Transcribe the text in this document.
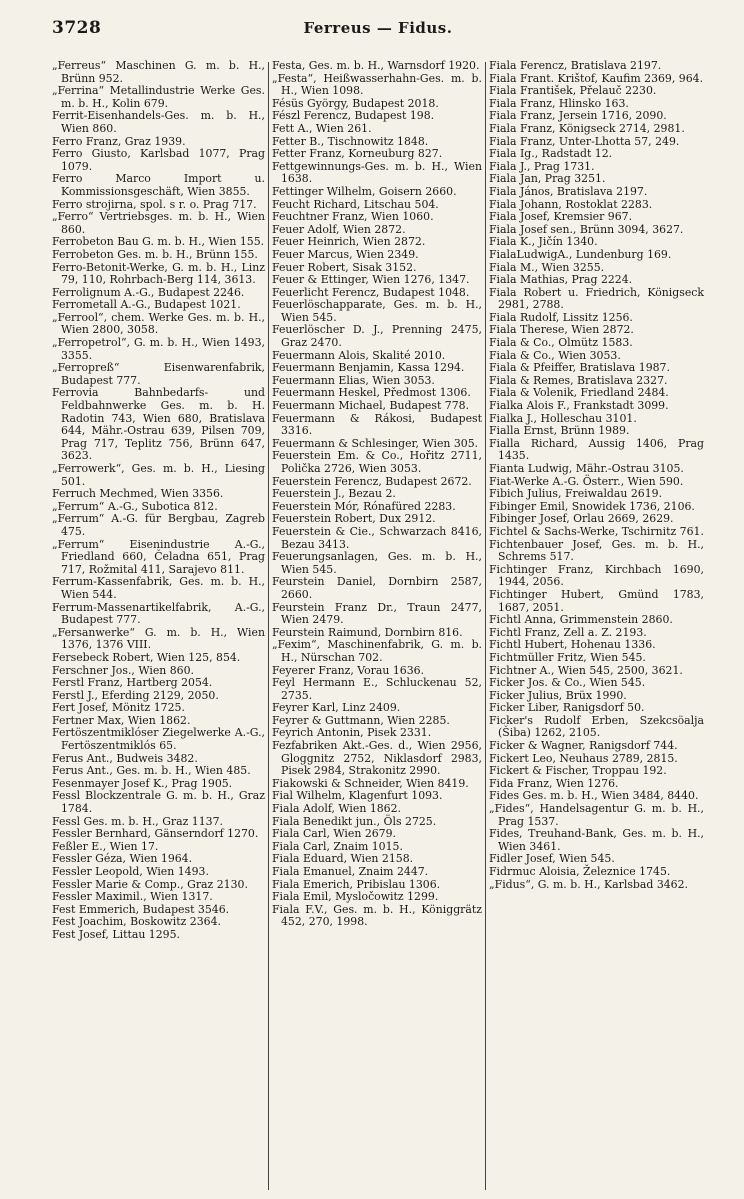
3728	Ferreus — Fidus.

„Ferreus“ Maschinen G. m. b. H., Brünn 952.

„Ferrina“ Metallindustrie Werke Ges. m. b. H., Kolin 679.

Ferrit-Eisenhandels-Ges. m. b. H., Wien 860.

Ferro Franz, Graz 1939.

Ferro Giusto, Karlsbad 1077, Prag 1079.

Ferro Marco Import u. Kommissionsgeschäft, Wien 3855.

Ferro strojirna, spol. s r. o. Prag 717.

„Ferro“ Vertriebsges. m. b. H., Wien 860.

Ferrobeton Bau G. m. b. H., Wien 155.

Ferrobeton Ges. m. b. H., Brünn 155.

Ferro-Betonit-Werke, G. m. b. H., Linz 79, 110, Rohrbach-Berg 114, 3613.

Ferrolignum A.-G., Budapest 2246.

Ferrometall A.-G., Budapest 1021.

„Ferrool“, chem. Werke Ges. m. b. H., Wien 2800, 3058.

„Ferropetrol“, G. m. b. H., Wien 1493, 3355.

„Ferropreß“ Eisenwarenfabrik, Budapest 777.

Ferrovia Bahnbedarfs- und Feldbahnwerke Ges. m. b. H. Radotin 743, Wien 680, Bratislava 644, Mähr.-Ostrau 639, Pilsen 709, Prag 717, Teplitz 756, Brünn 647, 3623.

„Ferrowerk“, Ges. m. b. H., Liesing 501.

Ferruch Mechmed, Wien 3356.

„Ferrum“ A.-G., Subotica 812.

„Ferrum“ A.-G. für Bergbau, Zagreb 475.

„Ferrum“ Eisenindustrie A.-G., Friedland 660, Čeladna 651, Prag 717, Rožmital 411, Sarajevo 811.

Ferrum-Kassenfabrik, Ges. m. b. H., Wien 544.

Ferrum-Massenartikelfabrik, A.-G., Budapest 777.

„Fersanwerke“ G. m. b. H., Wien 1376, 1376 VIII.

Fersebeck Robert, Wien 125, 854.

Ferschner Jos., Wien 860.

Ferstl Franz, Hartberg 2054.

Ferstl J., Eferding 2129, 2050.

Fert Josef, Mönitz 1725.

Fertner Max, Wien 1862.

Fertöszentmiklóser Ziegelwerke A.-G., Fertöszentmiklós 65.

Ferus Ant., Budweis 3482.

Ferus Ant., Ges. m. b. H., Wien 485.

Fesenmayer Josef K., Prag 1905.

Fessl Blockzentrale G. m. b. H., Graz 1784.

Fessl Ges. m. b. H., Graz 1137.

Fessler Bernhard, Gänserndorf 1270.

Feßler E., Wien 17.

Fessler Géza, Wien 1964.

Fessler Leopold, Wien 1493.

Fessler Marie & Comp., Graz 2130.

Fessler Maximil., Wien 1317.

Fest Emmerich, Budapest 3546.

Fest Joachim, Boskowitz 2364.

Fest Josef, Littau 1295.

Festa, Ges. m. b. H., Warnsdorf 1920.

„Festa“, Heißwasserhahn-Ges. m. b. H., Wien 1098.

Fésüs György, Budapest 2018.

Fészl Ferencz, Budapest 198.

Fett A., Wien 261.

Fetter B., Tischnowitz 1848.

Fetter Franz, Korneuburg 827.

Fettgewinnungs-Ges. m. b. H., Wien 1638.

Fettinger Wilhelm, Goisern 2660.

Feucht Richard, Litschau 504.

Feuchtner Franz, Wien 1060.

Feuer Adolf, Wien 2872.

Feuer Heinrich, Wien 2872.

Feuer Marcus, Wien 2349.

Feuer Robert, Sisak 3152.

Feuer & Ettinger, Wien 1276, 1347.

Feuerlicht Ferencz, Budapest 1048.

Feuerlöschapparate, Ges. m. b. H., Wien 545.

Feuerlöscher D. J., Prenning 2475, Graz 2470.

Feuermann Alois, Skalité 2010.

Feuermann Benjamin, Kassa 1294.

Feuermann Elias, Wien 3053.

Feuermann Heskel, Předmost 1306.

Feuermann Michael, Budapest 778.

Feuermann & Rákosi, Budapest 3316.

Feuermann & Schlesinger, Wien 305.

Feuerstein Em. & Co., Hořitz 2711, Polička 2726, Wien 3053.

Feuerstein Ferencz, Budapest 2672.

Feuerstein J., Bezau 2.

Feuerstein Mór, Rónafüred 2283.

Feuerstein Robert, Dux 2912.

Feuerstein & Cie., Schwarzach 8416, Bezau 3413.

Feuerungsanlagen, Ges. m. b. H., Wien 545.

Feurstein Daniel, Dornbirn 2587, 2660.

Feurstein Franz Dr., Traun 2477, Wien 2479.

Feurstein Raimund, Dornbirn 816.

„Fexim“, Maschinenfabrik, G. m. b. H., Nürschan 702.

Feyerer Franz, Vorau 1636.

Feyl Hermann E., Schluckenau 52, 2735.

Feyrer Karl, Linz 2409.

Feyrer & Guttmann, Wien 2285.

Feyrich Antonin, Pisek 2331.

Fezfabriken Akt.-Ges. d., Wien 2956, Gloggnitz 2752, Niklasdorf 2983, Pisek 2984, Strakonitz 2990.

Fiakowski & Schneider, Wien 8419.

Fial Wilhelm, Klagenfurt 1093.

Fiala Adolf, Wien 1862.

Fiala Benedikt jun., Öls 2725.

Fiala Carl, Wien 2679.

Fiala Carl, Znaim 1015.

Fiala Eduard, Wien 2158.

Fiala Emanuel, Znaim 2447.

Fiala Emerich, Pribislau 1306.

Fiala Emil, Mysločowitz 1299.

Fiala F.V., Ges. m. b. H., Königgrätz 452, 270, 1998.

Fiala Ferencz, Bratislava 2197.

Fiala Frant. Krištof, Kaufim 2369, 964.

Fiala František, Přelauč 2230.

Fiala Franz, Hlinsko 163.

Fiala Franz, Jersein 1716, 2090.

Fiala Franz, Königseck 2714, 2981.

Fiala Franz, Unter-Lhotta 57, 249.

Fiala Ig., Radstadt 12.

Fiala J., Prag 1731.

Fiala Jan, Prag 3251.

Fiala János, Bratislava 2197.

Fiala Johann, Rostoklat 2283.

Fiala Josef, Kremsier 967.

Fiala Josef sen., Brünn 3094, 3627.

Fiala K., Jičín 1340.

FialaLudwigA., Lundenburg 169.

Fiala M., Wien 3255.

Fiala Mathias, Prag 2224.

Fiala Robert u. Friedrich, Königseck 2981, 2788.

Fiala Rudolf, Lissitz 1256.

Fiala Therese, Wien 2872.

Fiala & Co., Olmütz 1583.

Fiala & Co., Wien 3053.

Fiala & Pfeiffer, Bratislava 1987.

Fiala & Remes, Bratislava 2327.

Fiala & Volenik, Friedland 2484.

Fialka Alois F., Frankstadt 3099.

Fialka J., Holleschau 3101.

Fialla Ernst, Brünn 1989.

Fialla Richard, Aussig 1406, Prag 1435.

Fianta Ludwig, Mähr.-Ostrau 3105.

Fiat-Werke A.-G. Österr., Wien 590.

Fibich Julius, Freiwaldau 2619.

Fibinger Emil, Snowidek 1736, 2106.

Fibinger Josef, Orlau 2669, 2629.

Fichtel & Sachs-Werke, Tschirnitz 761.

Fichtenbauer Josef, Ges. m. b. H., Schrems 517.

Fichtinger Franz, Kirchbach 1690, 1944, 2056.

Fichtinger Hubert, Gmünd 1783, 1687, 2051.

Fichtl Anna, Grimmenstein 2860.

Fichtl Franz, Zell a. Z. 2193.

Fichtl Hubert, Hohenau 1336.

Fichtmüller Fritz, Wien 545.

Fichtner A., Wien 545, 2500, 3621.

Ficker Jos. & Co., Wien 545.

Ficker Julius, Brüx 1990.

Ficker Liber, Ranigsdorf 50.

Ficker's Rudolf Erben, Szekcsöalja (Šiba) 1262, 2105.

Ficker & Wagner, Ranigsdorf 744.

Fickert Leo, Neuhaus 2789, 2815.

Fickert & Fischer, Troppau 192.

Fida Franz, Wien 1276.

Fides Ges. m. b. H., Wien 3484, 8440.

„Fides“, Handelsagentur G. m. b. H., Prag 1537.

Fides, Treuhand-Bank, Ges. m. b. H., Wien 3461.

Fidler Josef, Wien 545.

Fidrmuc Aloisia, Železnice 1745.

„Fidus“, G. m. b. H., Karlsbad 3462.
